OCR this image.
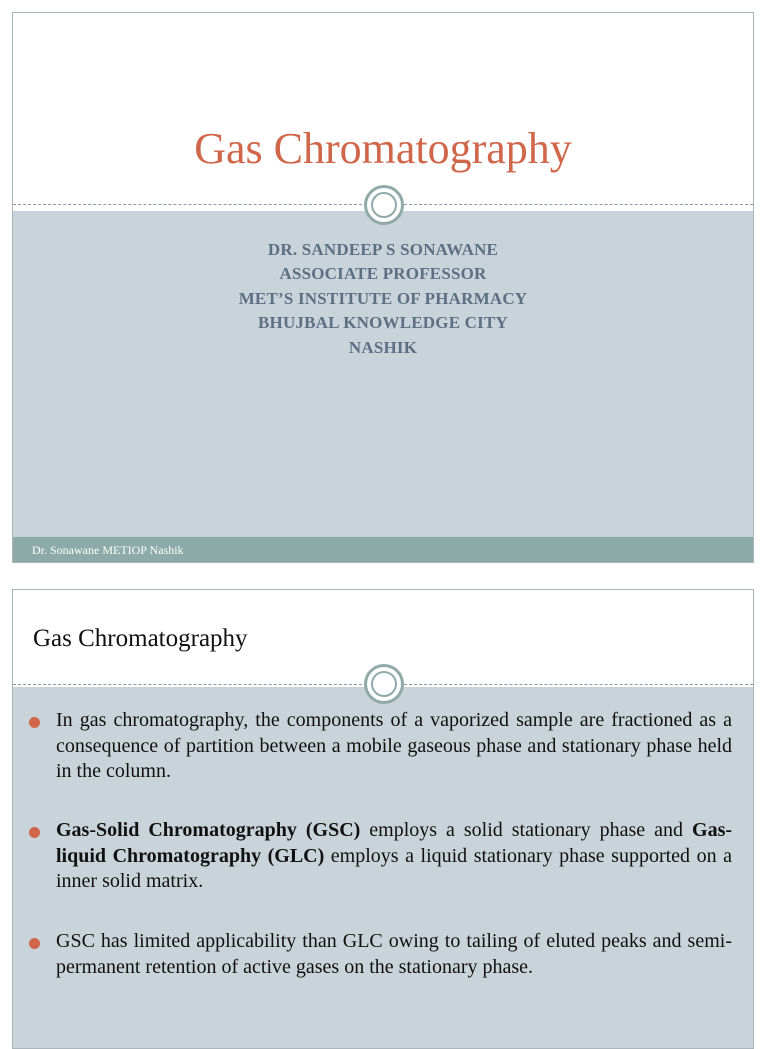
Gas Chromatography
DR. SANDEEP S SONAWANE
ASSOCIATE PROFESSOR
MET’S INSTITUTE OF PHARMACY
BHUJBAL KNOWLEDGE CITY
NASHIK
Dr. Sonawane METIOP Nashik
Gas Chromatography
In gas chromatography, the components of a vaporized sample are fractioned as a consequence of partition between a mobile gaseous phase and stationary phase held in the column.
Gas-Solid Chromatography (GSC) employs a solid stationary phase and Gas-liquid Chromatography (GLC) employs a liquid stationary phase supported on a inner solid matrix.
GSC has limited applicability than GLC owing to tailing of eluted peaks and semi-permanent retention of active gases on the stationary phase.
